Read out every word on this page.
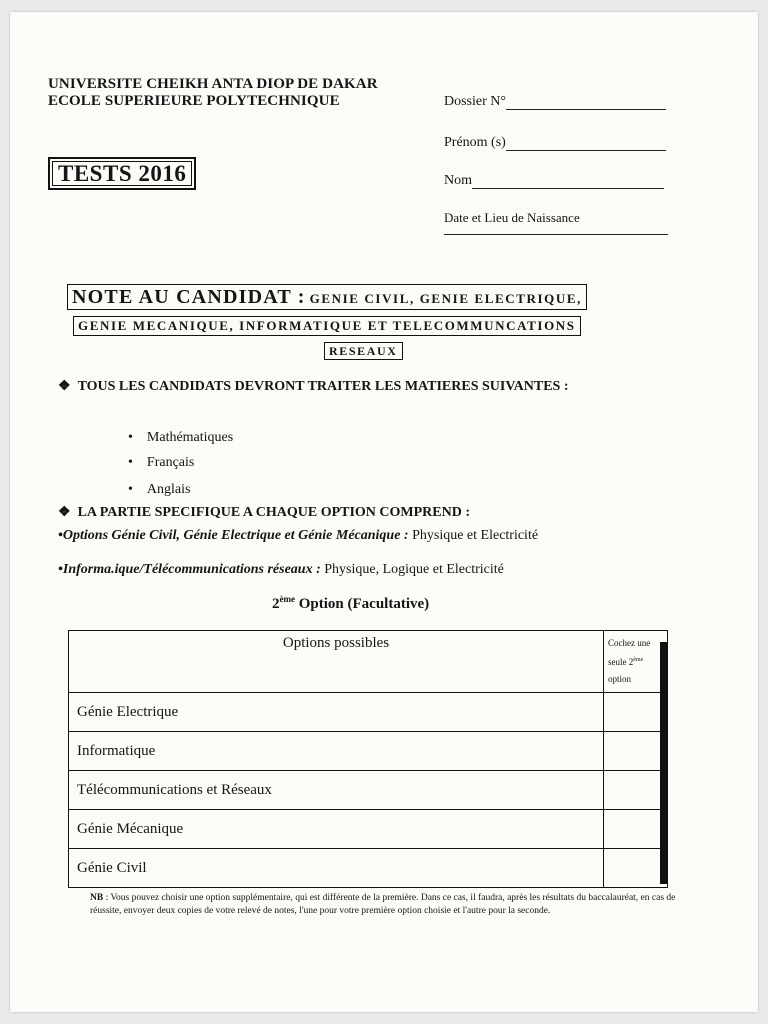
UNIVERSITE CHEIKH ANTA DIOP DE DAKAR
ECOLE SUPERIEURE POLYTECHNIQUE
TESTS 2016
Dossier N°
Prénom (s)
Nom
Date et Lieu de Naissance
NOTE AU CANDIDAT : GENIE CIVIL, GENIE ELECTRIQUE,
GENIE MECANIQUE, INFORMATIQUE ET TELECOMMUNCATIONS
RESEAUX
❖ TOUS LES CANDIDATS DEVRONT TRAITER LES MATIERES SUIVANTES :
• Mathématiques
• Français
• Anglais
❖ LA PARTIE SPECIFIQUE A CHAQUE OPTION COMPREND :
•Options Génie Civil, Génie Electrique et Génie Mécanique : Physique et Electricité
•Informa.ique/Télécommunications réseaux : Physique, Logique et Electricité
2ème Option (Facultative)
Options possibles	Cochez une
seule 2ème
option
Génie Electrique	
Informatique	
Télécommunications et Réseaux	
Génie Mécanique	
Génie Civil	
NB : Vous pouvez choisir une option supplémentaire, qui est différente de la première. Dans ce cas, il faudra, après les résultats du baccalauréat, en cas de réussite, envoyer deux copies de votre relevé de notes, l'une pour votre première option choisie et l'autre pour la seconde.
